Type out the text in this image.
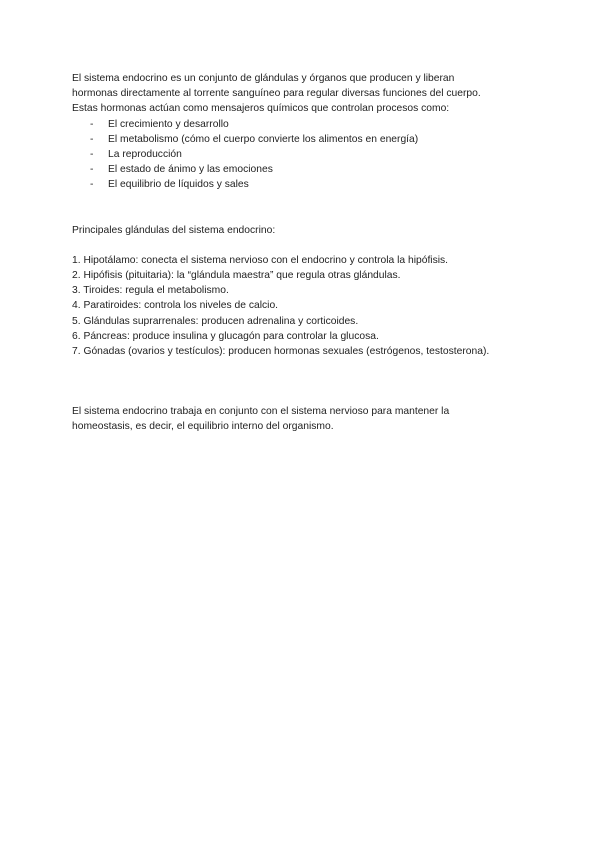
El sistema endocrino es un conjunto de glándulas y órganos que producen y liberan

hormonas directamente al torrente sanguíneo para regular diversas funciones del cuerpo.

Estas hormonas actúan como mensajeros químicos que controlan procesos como:

- El crecimiento y desarrollo
- El metabolismo (cómo el cuerpo convierte los alimentos en energía)
- La reproducción
- El estado de ánimo y las emociones
- El equilibrio de líquidos y sales

Principales glándulas del sistema endocrino:

1. Hipotálamo: conecta el sistema nervioso con el endocrino y controla la hipófisis.
2. Hipófisis (pituitaria): la “glándula maestra” que regula otras glándulas.
3. Tiroides: regula el metabolismo.
4. Paratiroides: controla los niveles de calcio.
5. Glándulas suprarrenales: producen adrenalina y corticoides.
6. Páncreas: produce insulina y glucagón para controlar la glucosa.
7. Gónadas (ovarios y testículos): producen hormonas sexuales (estrógenos, testosterona).

El sistema endocrino trabaja en conjunto con el sistema nervioso para mantener la

homeostasis, es decir, el equilibrio interno del organismo.
